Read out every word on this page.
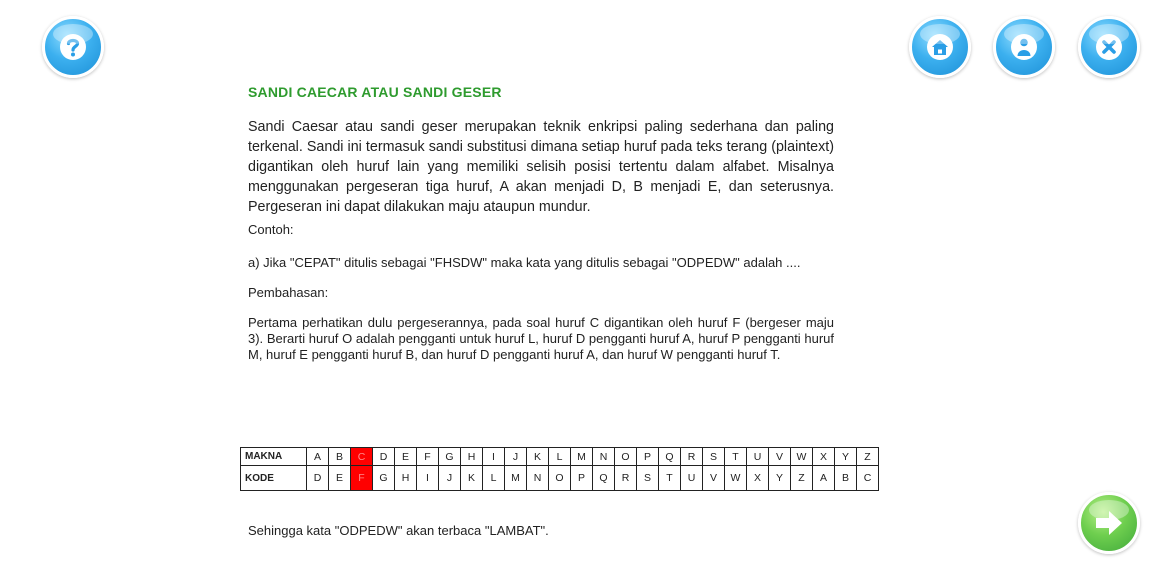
SANDI CAECAR ATAU SANDI GESER

Sandi Caesar atau sandi geser merupakan teknik enkripsi paling sederhana dan paling terkenal. Sandi ini termasuk sandi substitusi dimana setiap huruf pada teks terang (plaintext) digantikan oleh huruf lain yang memiliki selisih posisi tertentu dalam alfabet. Misalnya menggunakan pergeseran tiga huruf, A akan menjadi D, B menjadi E, dan seterusnya. Pergeseran ini dapat dilakukan maju ataupun mundur.

Contoh:

a) Jika "CEPAT" ditulis sebagai "FHSDW" maka kata yang ditulis sebagai "ODPEDW" adalah ....

Pembahasan:

Pertama perhatikan dulu pergeserannya, pada soal huruf C digantikan oleh huruf F (bergeser maju 3). Berarti huruf O adalah pengganti untuk huruf L, huruf D pengganti huruf A, huruf P pengganti huruf M, huruf E pengganti huruf B, dan huruf D pengganti huruf A, dan huruf W pengganti huruf T.

MAKNA	A	B	C	D	E	F	G	H	I	J	K	L	M	N	O	P	Q	R	S	T	U	V	W	X	Y	Z
KODE	D	E	F	G	H	I	J	K	L	M	N	O	P	Q	R	S	T	U	V	W	X	Y	Z	A	B	C

Sehingga kata "ODPEDW" akan terbaca "LAMBAT".
